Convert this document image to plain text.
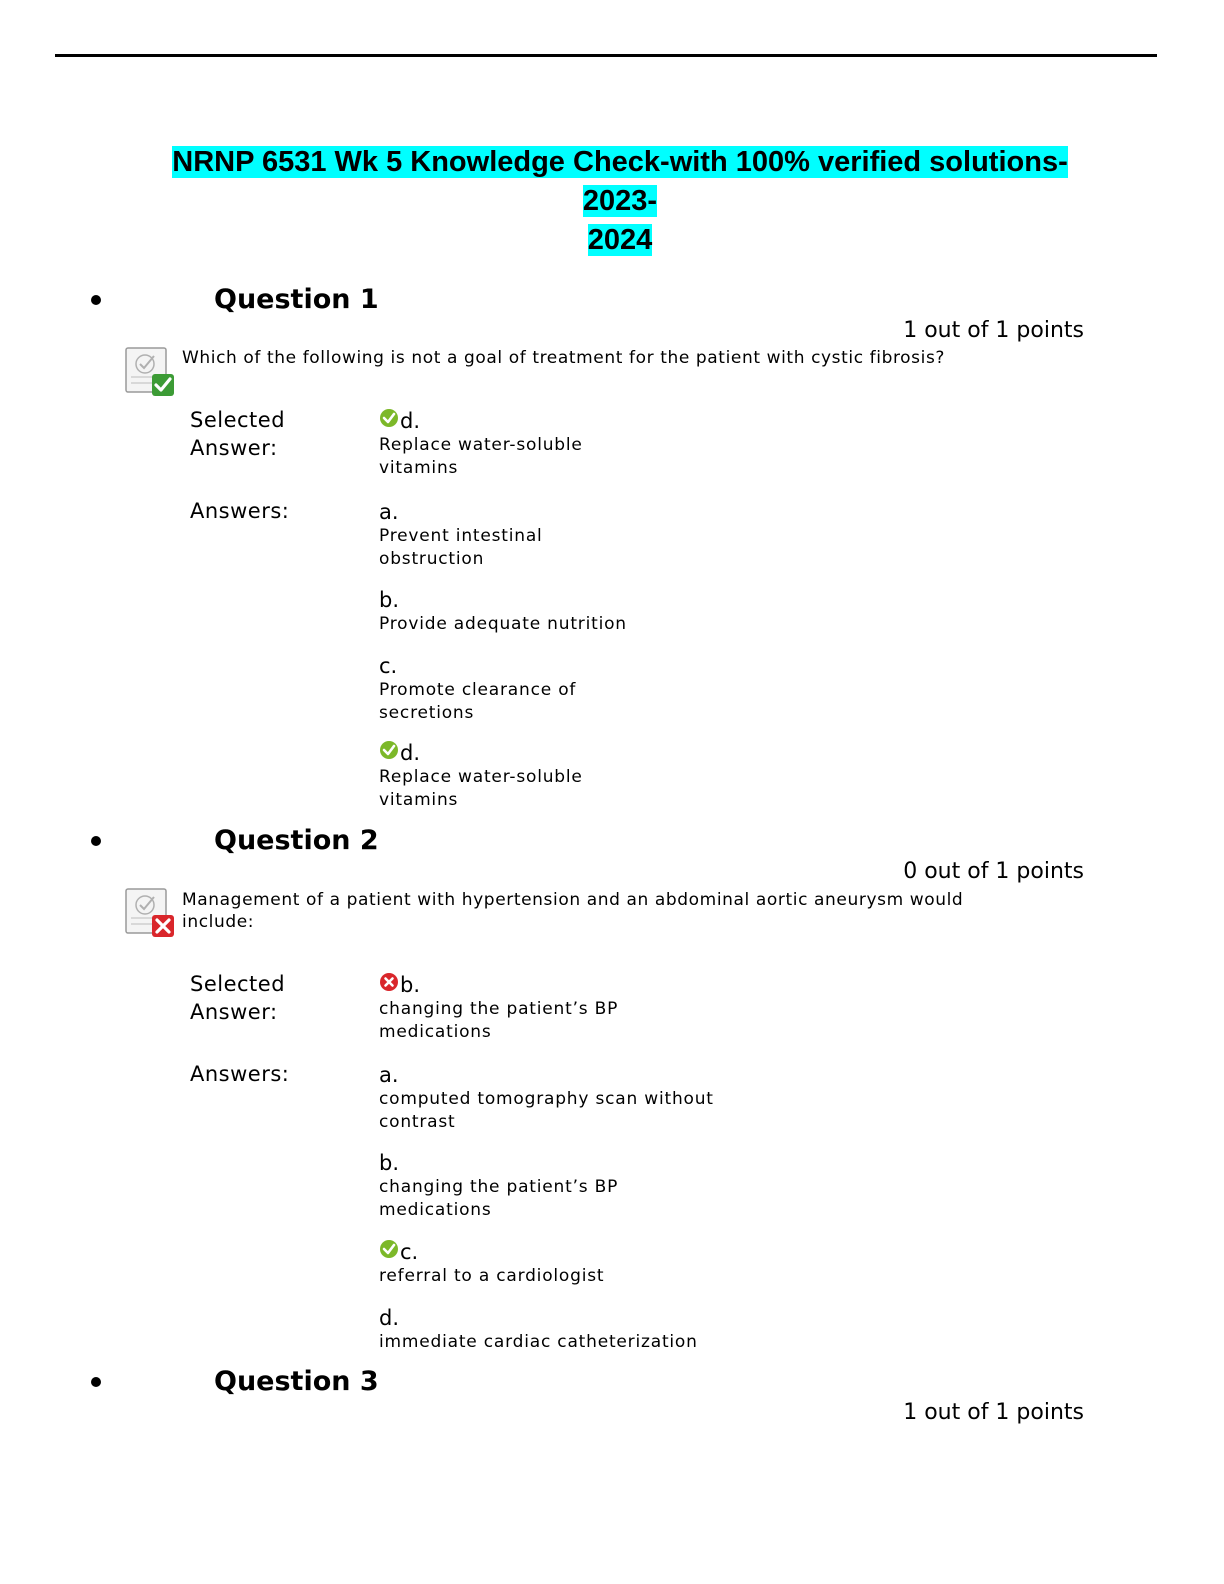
NRNP 6531 Wk 5 Knowledge Check-with 100% verified solutions-2023-
2024
Question 1
1 out of 1 points
Which of the following is not a goal of treatment for the patient with cystic fibrosis?
Selected
Answer:
d.
Replace water-soluble vitamins
Answers:	a.
Prevent intestinal obstruction
b.
Provide adequate nutrition
c.
Promote clearance of secretions
d.
Replace water-soluble vitamins
Question 2
0 out of 1 points
Management of a patient with hypertension and an abdominal aortic aneurysm would include:
Selected
Answer:
b.
changing the patient’s BP medications
Answers:	a.
computed tomography scan without contrast
b.
changing the patient’s BP medications
c.
referral to a cardiologist
d.
immediate cardiac catheterization
Question 3
1 out of 1 points
